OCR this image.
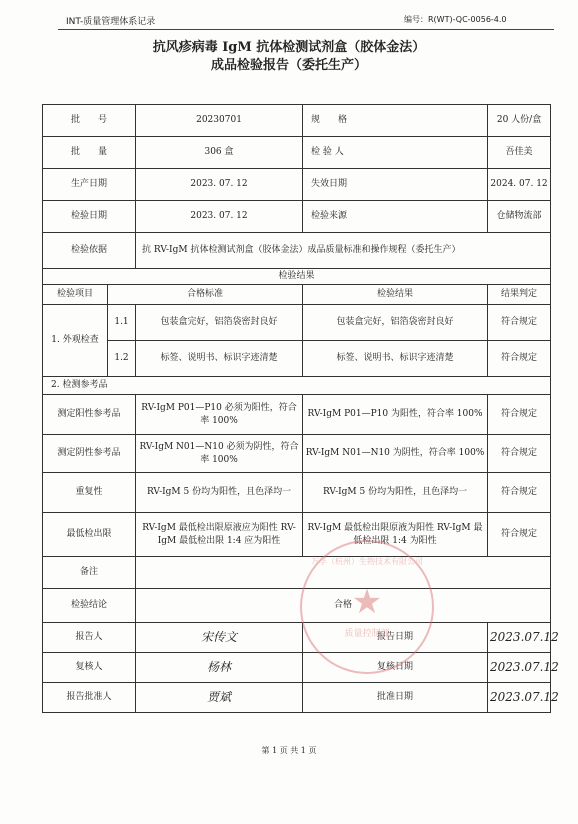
INT-质量管理体系记录	编号：R(WT)-QC-0056-4.0
抗风疹病毒 IgM 抗体检测试剂盒（胶体金法）
成品检验报告（委托生产）
批　　号		20230701	规　　格	20 人份/盒
批　　量		306 盒	检 验 人	吾佳美
生产日期		2023. 07. 12	失效日期	2024. 07. 12
检验日期		2023. 07. 12	检验来源	仓储物流部
检验依据		抗 RV-IgM 抗体检测试剂盒（胶体金法）成品质量标准和操作规程（委托生产）		
检验结果				
检验项目	合格标准		检验结果	结果判定
1. 外观检查	1.1	包装盒完好，铝箔袋密封良好	包装盒完好，铝箔袋密封良好	符合规定
	1.2	标签、说明书、标识字迹清楚	标签、说明书、标识字迹清楚	符合规定
2. 检测参考品				
测定阳性参考品		RV-IgM P01—P10 必须为阳性，符合率 100%	RV-IgM P01—P10 为阳性，符合率 100%	符合规定
测定阴性参考品		RV-IgM N01—N10 必须为阴性，符合率 100%	RV-IgM N01—N10 为阴性，符合率 100%	符合规定
重复性		RV-IgM 5 份均为阳性，且色泽均一	RV-IgM 5 份均为阳性，且色泽均一	符合规定
最低检出限		RV-IgM 最低检出限原液应为阳性 RV-IgM 最低检出限 1:4 应为阳性	RV-IgM 最低检出限原液为阳性 RV-IgM 最低检出限 1:4 为阳性	符合规定
备注				
检验结论		合格		
报告人		宋传文	报告日期	2023.07.12
复核人		杨林	复核日期	2023.07.12
报告批准人		贾斌	批准日期	2023.07.12
万孚（杭州）生物技术有限公司
★
质量控制部
第 1 页 共 1 页
